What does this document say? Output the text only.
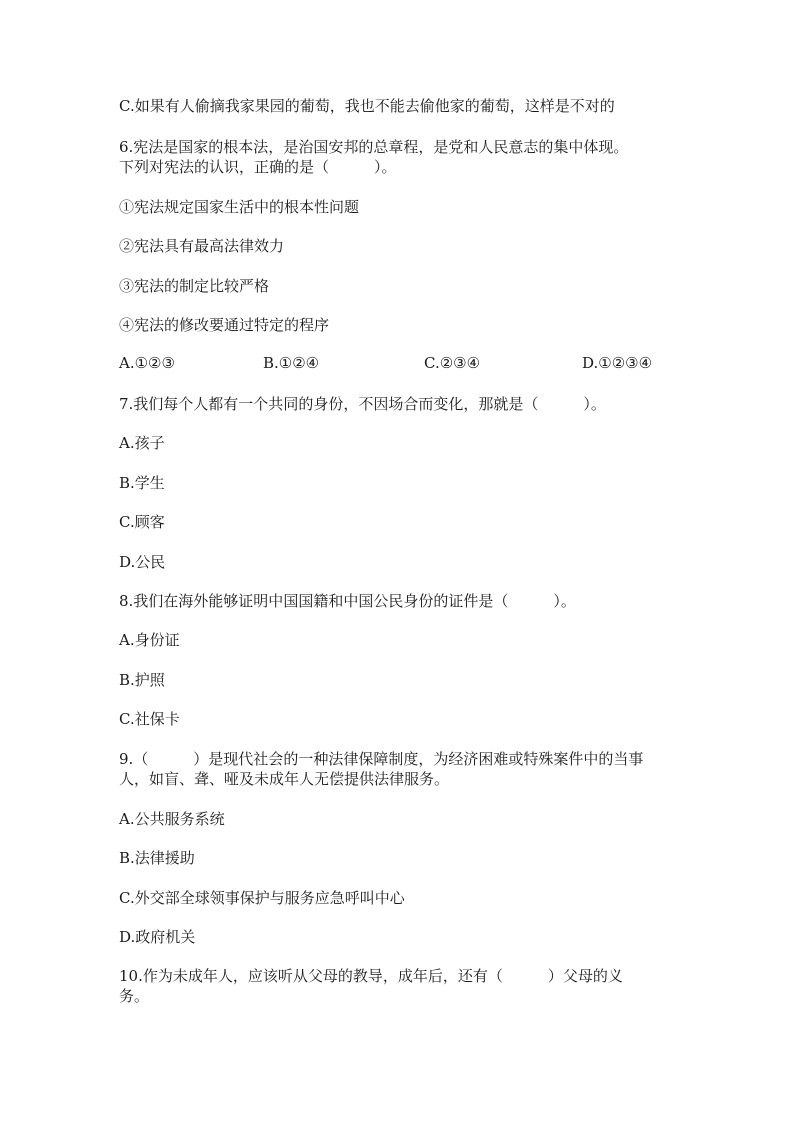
C.如果有人偷摘我家果园的葡萄，我也不能去偷他家的葡萄，这样是不对的
6.宪法是国家的根本法，是治国安邦的总章程，是党和人民意志的集中体现。
下列对宪法的认识，正确的是（　　　）。
①宪法规定国家生活中的根本性问题
②宪法具有最高法律效力
③宪法的制定比较严格
④宪法的修改要通过特定的程序
A.①②③	B.①②④	C.②③④	D.①②③④
7.我们每个人都有一个共同的身份，不因场合而变化，那就是（　　　）。
A.孩子
B.学生
C.顾客
D.公民
8.我们在海外能够证明中国国籍和中国公民身份的证件是（　　　）。
A.身份证
B.护照
C.社保卡
9.（　　　）是现代社会的一种法律保障制度，为经济困难或特殊案件中的当事
人，如盲、聋、哑及未成年人无偿提供法律服务。
A.公共服务系统
B.法律援助
C.外交部全球领事保护与服务应急呼叫中心
D.政府机关
10.作为未成年人，应该听从父母的教导，成年后，还有（　　　）父母的义
务。
